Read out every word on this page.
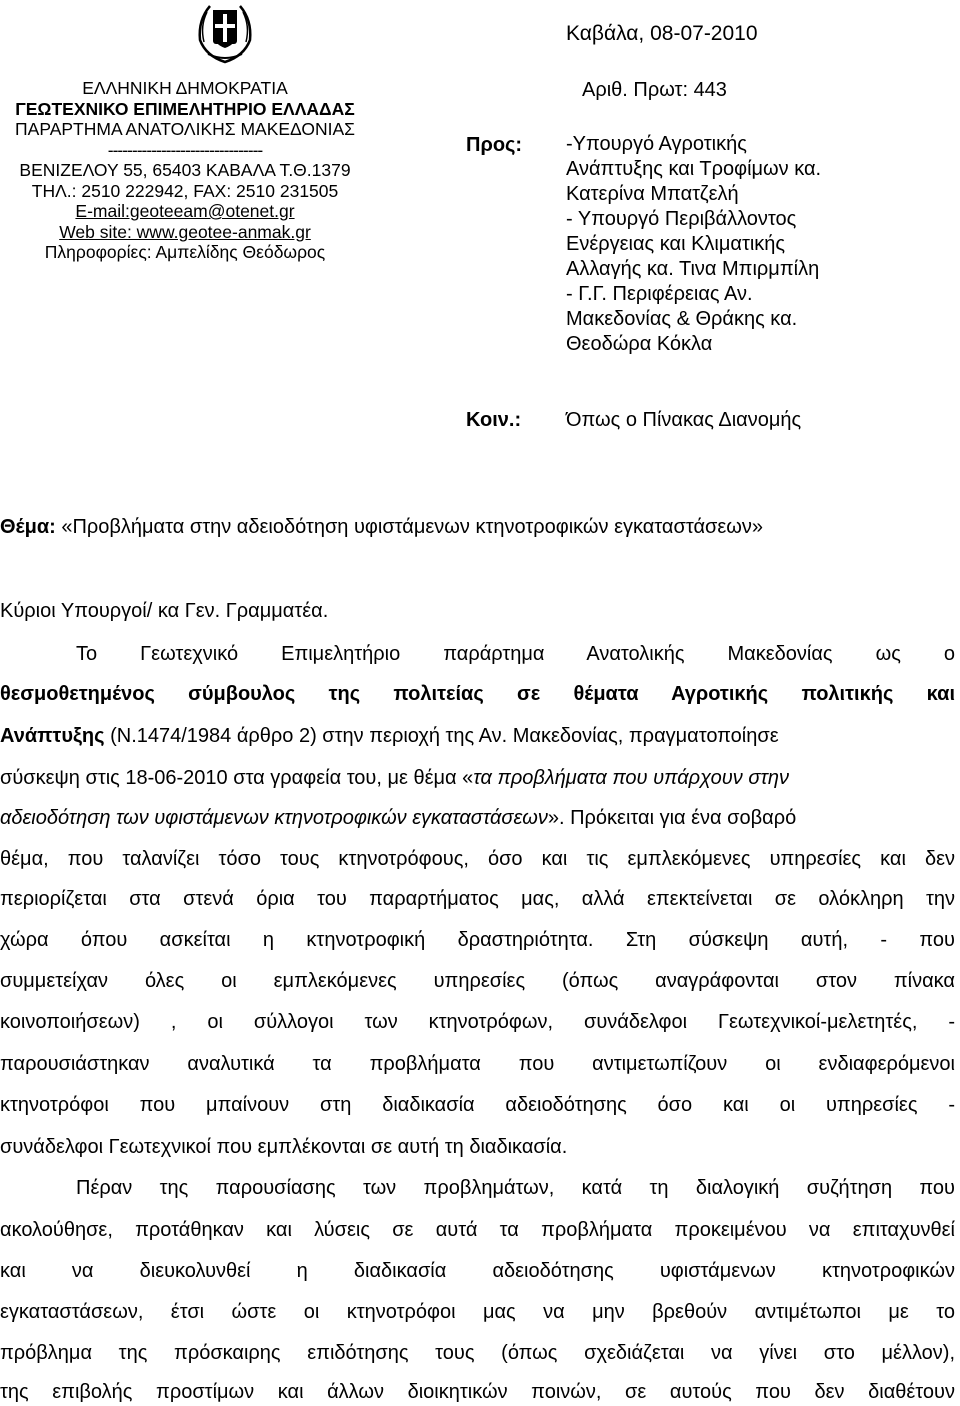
ΕΛΛΗΝΙΚΗ ΔΗΜΟΚΡΑΤΙΑ
ΓΕΩΤΕΧΝΙΚΟ ΕΠΙΜΕΛΗΤΗΡΙΟ ΕΛΛΑΔΑΣ
ΠΑΡΑΡΤΗΜΑ ΑΝΑΤΟΛΙΚΗΣ ΜΑΚΕΔΟΝΙΑΣ
--------------------------------
ΒΕΝΙΖΕΛΟΥ 55, 65403 ΚΑΒΑΛΑ Τ.Θ.1379
ΤΗΛ.: 2510 222942, FAX: 2510 231505
E-mail:geoteeam@otenet.gr
Web site: www.geotee-anmak.gr
Πληροφορίες: Αμπελίδης Θεόδωρος
Καβάλα, 08-07-2010
Αριθ. Πρωτ: 443
Προς: -Υπουργό Αγροτικής
Ανάπτυξης και Τροφίμων κα.
Κατερίνα Μπατζελή
- Υπουργό Περιβάλλοντος
Ενέργειας και Κλιματικής
Αλλαγής κα. Τινα Μπιρμπίλη
- Γ.Γ. Περιφέρειας Αν.
Μακεδονίας & Θράκης κα.
Θεοδώρα Κόκλα
Κοιν.: Όπως ο Πίνακας Διανομής
Θέμα: «Προβλήματα στην αδειοδότηση υφιστάμενων κτηνοτροφικών εγκαταστάσεων»
Κύριοι Υπουργοί/ κα Γεν. Γραμματέα.
Το Γεωτεχνικό Επιμελητήριο παράρτημα Ανατολικής Μακεδονίας ως ο
θεσμοθετημένος σύμβουλος της πολιτείας σε θέματα Αγροτικής πολιτικής και
Ανάπτυξης (Ν.1474/1984 άρθρο 2) στην περιοχή της Αν. Μακεδονίας, πραγματοποίησε
σύσκεψη στις 18-06-2010 στα γραφεία του, με θέμα «τα προβλήματα που υπάρχουν στην
αδειοδότηση των υφιστάμενων κτηνοτροφικών εγκαταστάσεων». Πρόκειται για ένα σοβαρό
θέμα, που ταλανίζει τόσο τους κτηνοτρόφους, όσο και τις εμπλεκόμενες υπηρεσίες και δεν
περιορίζεται στα στενά όρια του παραρτήματος μας, αλλά επεκτείνεται σε ολόκληρη την
χώρα όπου ασκείται η κτηνοτροφική δραστηριότητα. Στη σύσκεψη αυτή, - που
συμμετείχαν όλες οι εμπλεκόμενες υπηρεσίες (όπως αναγράφονται στον πίνακα
κοινοποιήσεων) , οι σύλλογοι των κτηνοτρόφων, συνάδελφοι Γεωτεχνικοί-μελετητές, -
παρουσιάστηκαν αναλυτικά τα προβλήματα που αντιμετωπίζουν οι ενδιαφερόμενοι
κτηνοτρόφοι που μπαίνουν στη διαδικασία αδειοδότησης όσο και οι υπηρεσίες -
συνάδελφοι Γεωτεχνικοί που εμπλέκονται σε αυτή τη διαδικασία.
Πέραν της παρουσίασης των προβλημάτων, κατά τη διαλογική συζήτηση που
ακολούθησε, προτάθηκαν και λύσεις σε αυτά τα προβλήματα προκειμένου να επιταχυνθεί
και να διευκολυνθεί η διαδικασία αδειοδότησης υφιστάμενων κτηνοτροφικών
εγκαταστάσεων, έτσι ώστε οι κτηνοτρόφοι μας να μην βρεθούν αντιμέτωποι με το
πρόβλημα της πρόσκαιρης επιδότησης τους (όπως σχεδιάζεται να γίνει στο μέλλον),
της επιβολής προστίμων και άλλων διοικητικών ποινών, σε αυτούς που δεν διαθέτουν
